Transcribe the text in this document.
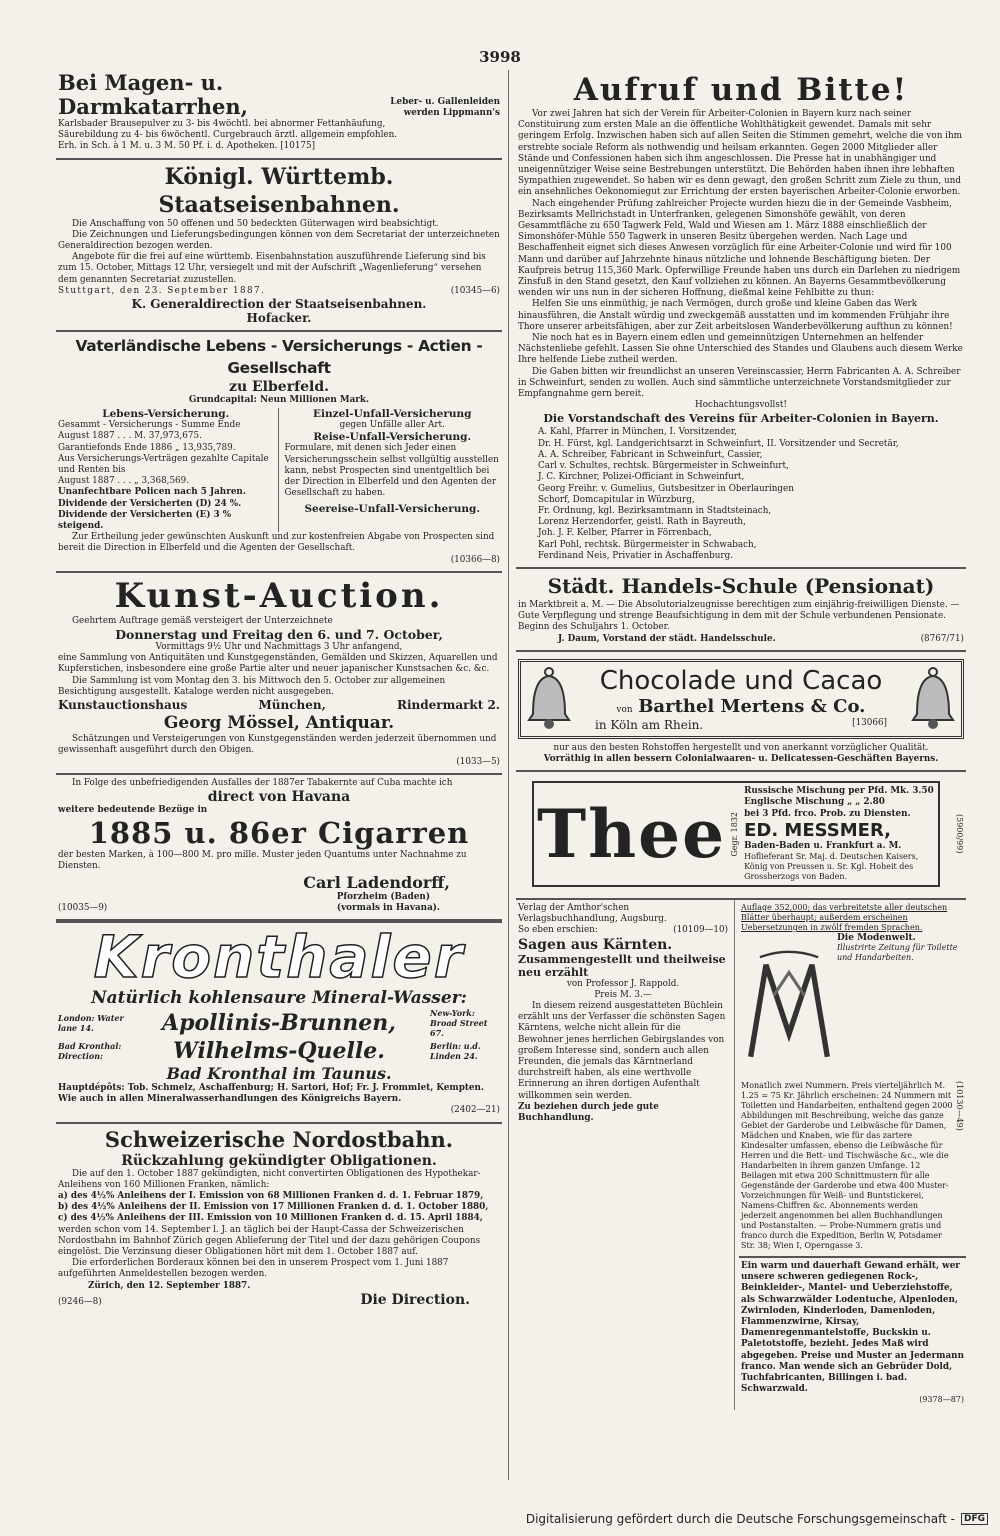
3998
Bei Magen- u. Darmkatarrhen,	Leber- u. Gallenleiden werden Lippmann's
Karlsbader Brausepulver zu 3- bis 4wöchtl. bei abnormer Fettanhäufung,
Säurebildung zu 4- bis 6wöchentl. Curgebrauch ärztl. allgemein empfohlen.
Erh. in Sch. à 1 M. u. 3 M. 50 Pf. i. d. Apotheken. [10175]
Königl. Württemb. Staatseisenbahnen.

Die Anschaffung von 50 offenen und 50 bedeckten Güterwagen wird beabsichtigt.

Die Zeichnungen und Lieferungsbedingungen können von dem Secretariat der unterzeichneten Generaldirection bezogen werden.

Angebote für die frei auf eine württemb. Eisenbahnstation auszuführende Lieferung sind bis zum 15. October, Mittags 12 Uhr, versiegelt und mit der Aufschrift „Wagenlieferung“ versehen dem genannten Secretariat zuzustellen.

Stuttgart, den 23. September 1887.	(10345—6)
K. Generaldirection der Staatseisenbahnen.
Hofacker.
Vaterländische Lebens - Versicherungs - Actien - Gesellschaft
zu Elberfeld.
Grundcapital: Neun Millionen Mark.
Lebens-Versicherung.
Gesammt - Versicherungs - Summe Ende
August 1887 . . . M. 37,973,675.
Garantiefonds Ende 1886 „ 13,935,789.
Aus Versicherungs-Verträgen gezahlte Capitale und Renten bis
August 1887 . . . „ 3,368,569.
Unanfechtbare Policen nach 5 Jahren.
Dividende der Versicherten (D) 24 %.
Dividende der Versicherten (E) 3 % steigend.
Einzel-Unfall-Versicherung
gegen Unfälle aller Art.
Reise-Unfall-Versicherung.
Formulare, mit denen sich Jeder einen Versicherungsschein selbst vollgültig ausstellen kann, nebst Prospecten sind unentgeltlich bei der Direction in Elberfeld und den Agenten der Gesellschaft zu haben.
Seereise-Unfall-Versicherung.

Zur Ertheilung jeder gewünschten Auskunft und zur kostenfreien Abgabe von Prospecten sind bereit die Direction in Elberfeld und die Agenten der Gesellschaft.

(10366—8)
Kunst-Auction.
Geehrtem Auftrage gemäß versteigert der Unterzeichnete
Donnerstag und Freitag den 6. und 7. October,
Vormittags 9½ Uhr und Nachmittags 3 Uhr anfangend,

eine Sammlung von Antiquitäten und Kunstgegenständen, Gemälden und Skizzen, Aquarellen und Kupferstichen, insbesondere eine große Partie alter und neuer japanischer Kunstsachen &c. &c.

Die Sammlung ist vom Montag den 3. bis Mittwoch den 5. October zur allgemeinen Besichtigung ausgestellt. Kataloge werden nicht ausgegeben.

Kunstauctionshaus	München,	Rindermarkt 2.
Georg Mössel, Antiquar.

Schätzungen und Versteigerungen von Kunstgegenständen werden jederzeit übernommen und gewissenhaft ausgeführt durch den Obigen.

(1033—5)

In Folge des unbefriedigenden Ausfalles der 1887er Tabakernte auf Cuba machte ich

direct von Havana
weitere bedeutende Bezüge in
1885 u. 86er Cigarren

der besten Marken, à 100—800 M. pro mille. Muster jeden Quantums unter Nachnahme zu Diensten.

Carl Ladendorff,
Pforzheim (Baden)
(10035—9)	(vormals in Havana).
Kronthaler
Natürlich kohlensaure Mineral-Wasser:
London: Water lane 14.	Apollinis-Brunnen,	New-York: Broad Street 67.
Bad Kronthal: Direction:	Wilhelms-Quelle.	Berlin: u.d. Linden 24.
Bad Kronthal im Taunus.

Hauptdépôts: Tob. Schmelz, Aschaffenburg; H. Sartori, Hof; Fr. J. Frommlet, Kempten. Wie auch in allen Mineralwasserhandlungen des Königreichs Bayern.

(2402—21)
Schweizerische Nordostbahn.
Rückzahlung gekündigter Obligationen.

Die auf den 1. October 1887 gekündigten, nicht convertirten Obligationen des Hypothekar-Anleihens von 160 Millionen Franken, nämlich:

a) des 4½% Anleihens der I. Emission von 68 Millionen Franken d. d. 1. Februar 1879,
b) des 4½% Anleihens der II. Emission von 17 Millionen Franken d. d. 1. October 1880,
c) des 4½% Anleihens der III. Emission von 10 Millionen Franken d. d. 15. April 1884,

werden schon vom 14. September l. J. an täglich bei der Haupt-Cassa der Schweizerischen Nordostbahn im Bahnhof Zürich gegen Ablieferung der Titel und der dazu gehörigen Coupons eingelöst. Die Verzinsung dieser Obligationen hört mit dem 1. October 1887 auf.

Die erforderlichen Borderaux können bei den in unserem Prospect vom 1. Juni 1887 aufgeführten Anmeldestellen bezogen werden.

Zürich, den 12. September 1887.
(9246—8)	Die Direction.
Aufruf und Bitte!

Vor zwei Jahren hat sich der Verein für Arbeiter-Colonien in Bayern kurz nach seiner Constituirung zum ersten Male an die öffentliche Wohlthätigkeit gewendet. Damals mit sehr geringem Erfolg. Inzwischen haben sich auf allen Seiten die Stimmen gemehrt, welche die von ihm erstrebte sociale Reform als nothwendig und heilsam erkannten. Gegen 2000 Mitglieder aller Stände und Confessionen haben sich ihm angeschlossen. Die Presse hat in unabhängiger und uneigennütziger Weise seine Bestrebungen unterstützt. Die Behörden haben ihnen ihre lebhaften Sympathien zugewendet. So haben wir es denn gewagt, den großen Schritt zum Ziele zu thun, und ein ansehnliches Oekonomiegut zur Errichtung der ersten bayerischen Arbeiter-Colonie erworben.

Nach eingehender Prüfung zahlreicher Projecte wurden hiezu die in der Gemeinde Vasbheim, Bezirksamts Mellrichstadt in Unterfranken, gelegenen Simonshöfe gewählt, von deren Gesammtfläche zu 650 Tagwerk Feld, Wald und Wiesen am 1. März 1888 einschließlich der Simonshöfer-Mühle 550 Tagwerk in unseren Besitz übergehen werden. Nach Lage und Beschaffenheit eignet sich dieses Anwesen vorzüglich für eine Arbeiter-Colonie und wird für 100 Mann und darüber auf Jahrzehnte hinaus nützliche und lohnende Beschäftigung bieten. Der Kaufpreis betrug 115,360 Mark. Opferwillige Freunde haben uns durch ein Darlehen zu niedrigem Zinsfuß in den Stand gesetzt, den Kauf vollziehen zu können. An Bayerns Gesammtbevölkerung wenden wir uns nun in der sicheren Hoffnung, dießmal keine Fehlbitte zu thun:

Helfen Sie uns einmüthig, je nach Vermögen, durch große und kleine Gaben das Werk hinausführen, die Anstalt würdig und zweckgemäß ausstatten und im kommenden Frühjahr ihre Thore unserer arbeitsfähigen, aber zur Zeit arbeitslosen Wanderbevölkerung aufthun zu können!

Nie noch hat es in Bayern einem edlen und gemeinnützigen Unternehmen an helfender Nächstenliebe gefehlt. Lassen Sie ohne Unterschied des Standes und Glaubens auch diesem Werke Ihre helfende Liebe zutheil werden.

Die Gaben bitten wir freundlichst an unseren Vereinscassier, Herrn Fabricanten A. A. Schreiber in Schweinfurt, senden zu wollen. Auch sind sämmtliche unterzeichnete Vorstandsmitglieder zur Empfangnahme gern bereit.

Hochachtungsvollst!
Die Vorstandschaft des Vereins für Arbeiter-Colonien in Bayern.
A. Kahl, Pfarrer in München, I. Vorsitzender,
Dr. H. Fürst, kgl. Landgerichtsarzt in Schweinfurt, II. Vorsitzender und Secretär,
A. A. Schreiber, Fabricant in Schweinfurt, Cassier,
Carl v. Schultes, rechtsk. Bürgermeister in Schweinfurt,
J. C. Kirchner, Polizei-Officiant in Schweinfurt,
Georg Freihr. v. Gumelius, Gutsbesitzer in Oberlauringen
Schorf, Domcapitular in Würzburg,
Fr. Ordnung, kgl. Bezirksamtmann in Stadtsteinach,
Lorenz Herzendorfer, geistl. Rath in Bayreuth,
Joh. J. F. Kelber, Pfarrer in Förrenbach,
Karl Pohl, rechtsk. Bürgermeister in Schwabach,
Ferdinand Neis, Privatier in Aschaffenburg.
Städt. Handels-Schule (Pensionat)

in Marktbreit a. M. — Die Absolutorialzeugnisse berechtigen zum einjährig-freiwilligen Dienste. — Gute Verpflegung und strenge Beaufsichtigung in dem mit der Schule verbundenen Pensionate. Beginn des Schuljahrs 1. October.

J. Daum, Vorstand der städt. Handelsschule.	(8767/71)
Chocolade und Cacao
von Barthel Mertens & Co.
in Köln am Rhein.	[13066]
nur aus den besten Rohstoffen hergestellt und von anerkannt vorzüglicher Qualität.
Vorräthig in allen bessern Colonialwaaren- u. Delicatessen-Geschäften Bayerns.
Thee Gegr. 1832
Russische Mischung per Pfd. Mk. 3.50
Englische Mischung „ „ 2.80
bei 3 Pfd. frco. Prob. zu Diensten.
ED. MESSMER,
Baden-Baden u. Frankfurt a. M.
Hoflieferant Sr. Maj. d. Deutschen Kaisers, König von Preussen u. Sr. Kgl. Hoheit des Grossherzogs von Baden.
(5900/99)
Verlag der Amthor'schen Verlagsbuchhandlung, Augsburg.
So eben erschien:	(10109—10)
Sagen aus Kärnten.
Zusammengestellt und theilweise neu erzählt
von Professor J. Rappold.
Preis M. 3.—

In diesem reizend ausgestatteten Büchlein erzählt uns der Verfasser die schönsten Sagen Kärntens, welche nicht allein für die Bewohner jenes herrlichen Gebirgslandes von großem Interesse sind, sondern auch allen Freunden, die jemals das Kärntnerland durchstreift haben, als eine werthvolle Erinnerung an ihren dortigen Aufenthalt willkommen sein werden.

Zu beziehen durch jede gute Buchhandlung.
Auflage 352,000; das verbreitetste aller deutschen Blätter überhaupt; außerdem erscheinen Uebersetzungen in zwölf fremden Sprachen.
Die Modenwelt.
Illustrirte Zeitung für Toilette und Handarbeiten.

Monatlich zwei Nummern. Preis vierteljährlich M. 1.25 = 75 Kr. Jährlich erscheinen: 24 Nummern mit Toiletten und Handarbeiten, enthaltend gegen 2000 Abbildungen mit Beschreibung, welche das ganze Gebiet der Garderobe und Leibwäsche für Damen, Mädchen und Knaben, wie für das zartere Kindesalter umfassen, ebenso die Leibwäsche für Herren und die Bett- und Tischwäsche &c., wie die Handarbeiten in ihrem ganzen Umfange. 12 Beilagen mit etwa 200 Schnittmustern für alle Gegenstände der Garderobe und etwa 400 Muster-Vorzeichnungen für Weiß- und Buntstickerei, Namens-Chiffren &c. Abonnements werden jederzeit angenommen bei allen Buchhandlungen und Postanstalten. — Probe-Nummern gratis und franco durch die Expedition, Berlin W, Potsdamer Str. 38; Wien I, Operngasse 3.

(10130—49)

Ein warm und dauerhaft Gewand erhält, wer unsere schweren gediegenen Rock-, Beinkleider-, Mantel- und Ueberziehstoffe, als Schwarzwälder Lodentuche, Alpenloden, Zwirnloden, Kinderloden, Damenloden, Flammenzwirne, Kirsay, Damenregenmantelstoffe, Buckskin u. Paletotstoffe, bezieht. Jedes Maß wird abgegeben. Preise und Muster an Jedermann franco. Man wende sich an Gebrüder Dold, Tuchfabricanten, Billingen i. bad. Schwarzwald.

(9378—87)
Digitalisierung gefördert durch die Deutsche Forschungsgemeinschaft -	DFG
